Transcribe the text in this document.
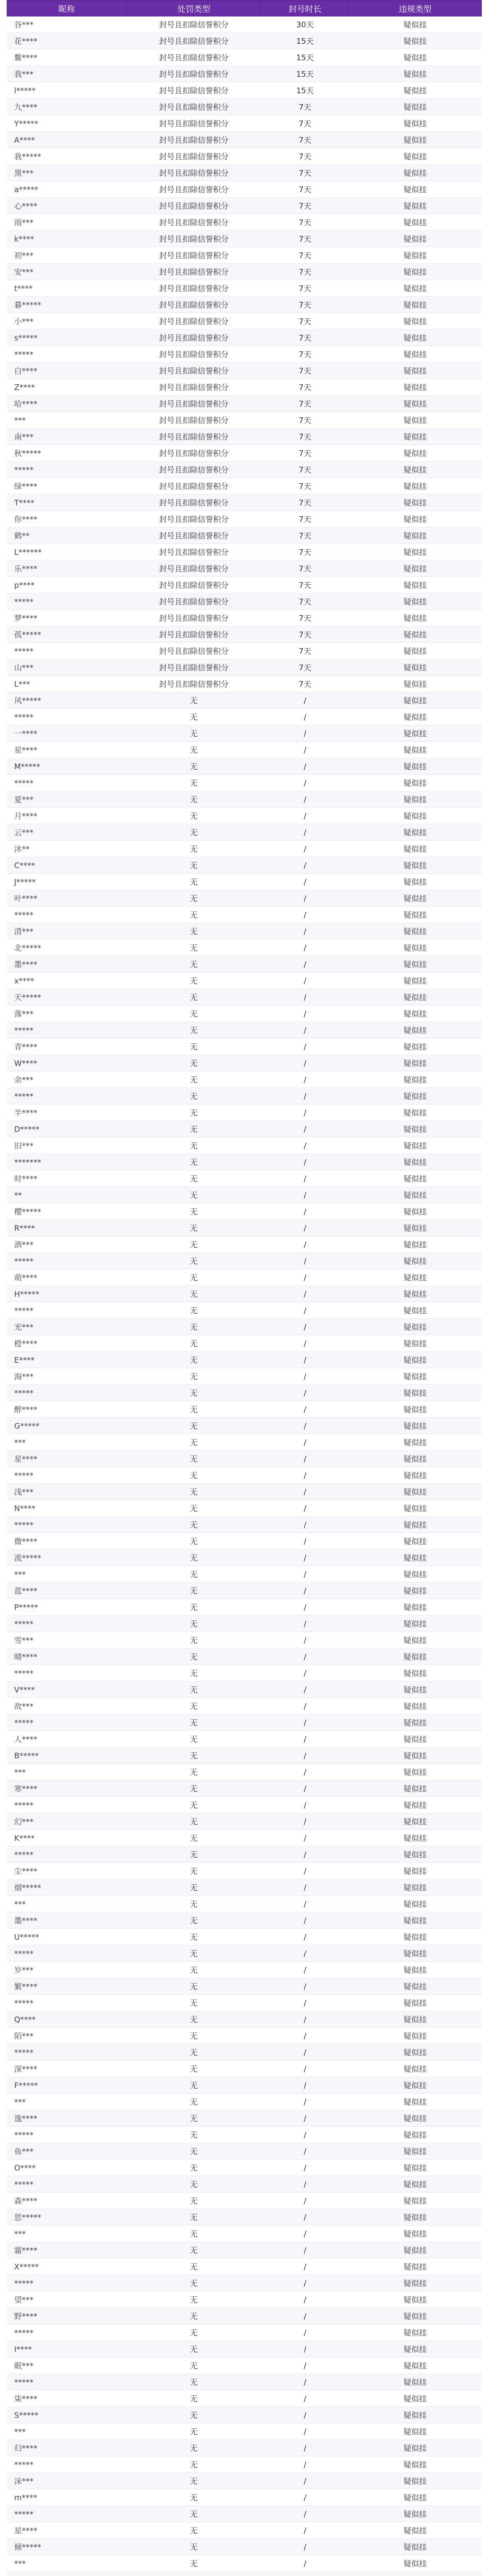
昵称	处罚类型	封号时长	违规类型
谷***	封号且扣除信誉积分	30天	疑似挂
花****	封号且扣除信誉积分	15天	疑似挂
鳖****	封号且扣除信誉积分	15天	疑似挂
我***	封号且扣除信誉积分	15天	疑似挂
l*****	封号且扣除信誉积分	15天	疑似挂
九****	封号且扣除信誉积分	7天	疑似挂
Y*****	封号且扣除信誉积分	7天	疑似挂
A****	封号且扣除信誉积分	7天	疑似挂
我*****	封号且扣除信誉积分	7天	疑似挂
黑***	封号且扣除信誉积分	7天	疑似挂
a*****	封号且扣除信誉积分	7天	疑似挂
心****	封号且扣除信誉积分	7天	疑似挂
雨***	封号且扣除信誉积分	7天	疑似挂
k****	封号且扣除信誉积分	7天	疑似挂
初***	封号且扣除信誉积分	7天	疑似挂
安***	封号且扣除信誉积分	7天	疑似挂
t****	封号且扣除信誉积分	7天	疑似挂
暮*****	封号且扣除信誉积分	7天	疑似挂
小***	封号且扣除信誉积分	7天	疑似挂
s*****	封号且扣除信誉积分	7天	疑似挂
*****	封号且扣除信誉积分	7天	疑似挂
白****	封号且扣除信誉积分	7天	疑似挂
Z****	封号且扣除信誉积分	7天	疑似挂
哈****	封号且扣除信誉积分	7天	疑似挂
***	封号且扣除信誉积分	7天	疑似挂
南***	封号且扣除信誉积分	7天	疑似挂
秋*****	封号且扣除信誉积分	7天	疑似挂
*****	封号且扣除信誉积分	7天	疑似挂
绿****	封号且扣除信誉积分	7天	疑似挂
T****	封号且扣除信誉积分	7天	疑似挂
你****	封号且扣除信誉积分	7天	疑似挂
鹤**	封号且扣除信誉积分	7天	疑似挂
L******	封号且扣除信誉积分	7天	疑似挂
乐****	封号且扣除信誉积分	7天	疑似挂
p****	封号且扣除信誉积分	7天	疑似挂
*****	封号且扣除信誉积分	7天	疑似挂
梦****	封号且扣除信誉积分	7天	疑似挂
孤*****	封号且扣除信誉积分	7天	疑似挂
*****	封号且扣除信誉积分	7天	疑似挂
山***	封号且扣除信誉积分	7天	疑似挂
L***	封号且扣除信誉积分	7天	疑似挂
风*****	无	/	疑似挂
*****	无	/	疑似挂
一****	无	/	疑似挂
星****	无	/	疑似挂
M*****	无	/	疑似挂
*****	无	/	疑似挂
夏***	无	/	疑似挂
月****	无	/	疑似挂
云***	无	/	疑似挂
沐**	无	/	疑似挂
C****	无	/	疑似挂
J*****	无	/	疑似挂
叶****	无	/	疑似挂
*****	无	/	疑似挂
清***	无	/	疑似挂
北*****	无	/	疑似挂
墨****	无	/	疑似挂
x****	无	/	疑似挂
天*****	无	/	疑似挂
落***	无	/	疑似挂
*****	无	/	疑似挂
青****	无	/	疑似挂
W****	无	/	疑似挂
余***	无	/	疑似挂
*****	无	/	疑似挂
半****	无	/	疑似挂
D*****	无	/	疑似挂
旧***	无	/	疑似挂
*******	无	/	疑似挂
时****	无	/	疑似挂
**	无	/	疑似挂
樱*****	无	/	疑似挂
R****	无	/	疑似挂
酒***	无	/	疑似挂
*****	无	/	疑似挂
萌****	无	/	疑似挂
H*****	无	/	疑似挂
*****	无	/	疑似挂
光***	无	/	疑似挂
橙****	无	/	疑似挂
E****	无	/	疑似挂
海***	无	/	疑似挂
*****	无	/	疑似挂
醉****	无	/	疑似挂
G*****	无	/	疑似挂
***	无	/	疑似挂
星****	无	/	疑似挂
*****	无	/	疑似挂
浅***	无	/	疑似挂
N****	无	/	疑似挂
*****	无	/	疑似挂
微****	无	/	疑似挂
流*****	无	/	疑似挂
***	无	/	疑似挂
蓝****	无	/	疑似挂
P*****	无	/	疑似挂
*****	无	/	疑似挂
雪***	无	/	疑似挂
晴****	无	/	疑似挂
*****	无	/	疑似挂
V****	无	/	疑似挂
故***	无	/	疑似挂
*****	无	/	疑似挂
人****	无	/	疑似挂
B*****	无	/	疑似挂
***	无	/	疑似挂
寒****	无	/	疑似挂
*****	无	/	疑似挂
幻***	无	/	疑似挂
K****	无	/	疑似挂
*****	无	/	疑似挂
尘****	无	/	疑似挂
烟*****	无	/	疑似挂
***	无	/	疑似挂
墨****	无	/	疑似挂
U*****	无	/	疑似挂
*****	无	/	疑似挂
岁***	无	/	疑似挂
繁****	无	/	疑似挂
*****	无	/	疑似挂
Q****	无	/	疑似挂
陌***	无	/	疑似挂
*****	无	/	疑似挂
深****	无	/	疑似挂
F*****	无	/	疑似挂
***	无	/	疑似挂
逸****	无	/	疑似挂
*****	无	/	疑似挂
鱼***	无	/	疑似挂
O****	无	/	疑似挂
*****	无	/	疑似挂
森****	无	/	疑似挂
思*****	无	/	疑似挂
***	无	/	疑似挂
霜****	无	/	疑似挂
X*****	无	/	疑似挂
*****	无	/	疑似挂
望***	无	/	疑似挂
野****	无	/	疑似挂
*****	无	/	疑似挂
I****	无	/	疑似挂
眠***	无	/	疑似挂
*****	无	/	疑似挂
柒****	无	/	疑似挂
S*****	无	/	疑似挂
***	无	/	疑似挂
归****	无	/	疑似挂
*****	无	/	疑似挂
沫***	无	/	疑似挂
m****	无	/	疑似挂
*****	无	/	疑似挂
星****	无	/	疑似挂
倾*****	无	/	疑似挂
***	无	/	疑似挂
